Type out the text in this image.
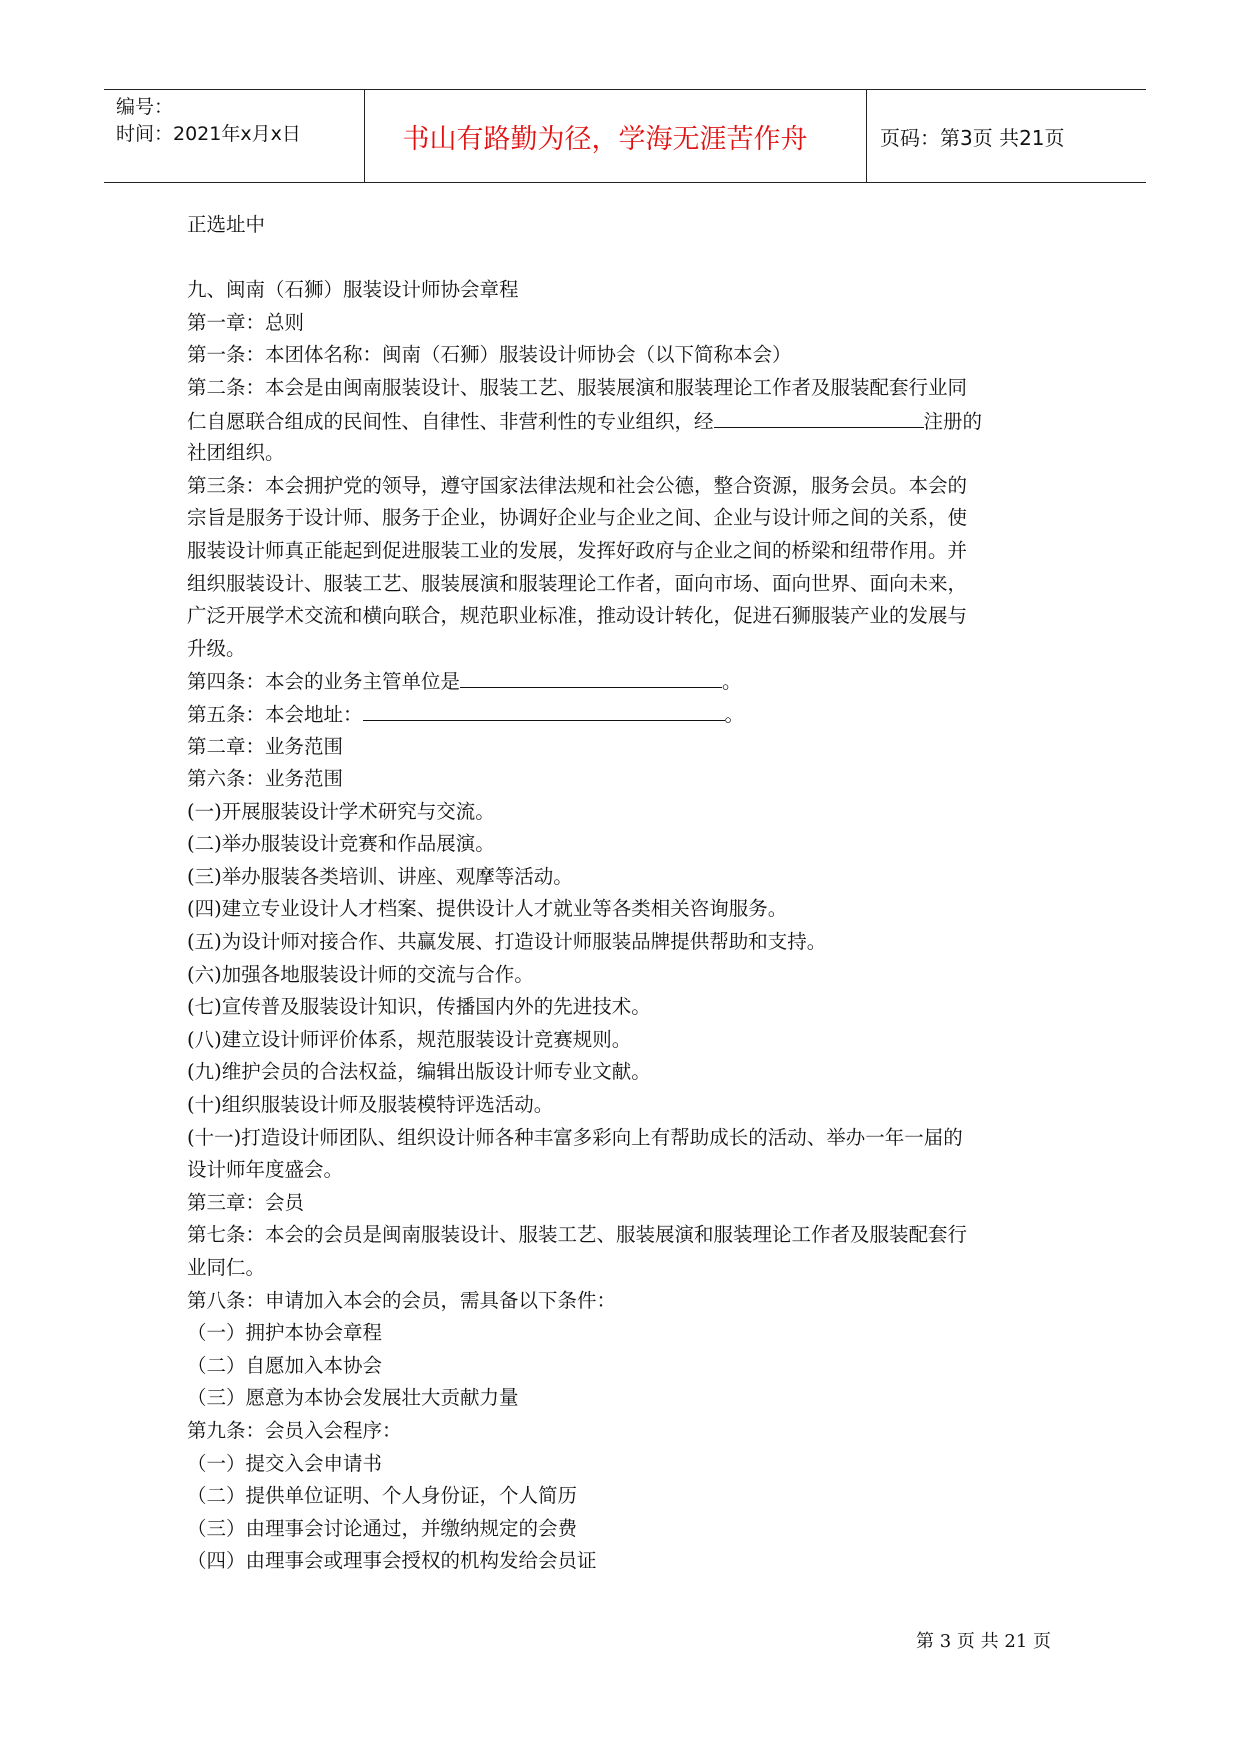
编号：
时间：2021年x月x日	书山有路勤为径，学海无涯苦作舟	页码：第3页 共21页
正选址中
九、闽南（石狮）服装设计师协会章程
第一章：总则
第一条：本团体名称：闽南（石狮）服装设计师协会（以下简称本会）
第二条：本会是由闽南服装设计、服装工艺、服装展演和服装理论工作者及服装配套行业同
仁自愿联合组成的民间性、自律性、非营利性的专业组织，经	注册的
社团组织。
第三条：本会拥护党的领导，遵守国家法律法规和社会公德，整合资源，服务会员。本会的
宗旨是服务于设计师、服务于企业，协调好企业与企业之间、企业与设计师之间的关系，使
服装设计师真正能起到促进服装工业的发展，发挥好政府与企业之间的桥梁和纽带作用。并
组织服装设计、服装工艺、服装展演和服装理论工作者，面向市场、面向世界、面向未来，
广泛开展学术交流和横向联合，规范职业标准，推动设计转化，促进石狮服装产业的发展与
升级。
第四条：本会的业务主管单位是	。
第五条：本会地址：	。
第二章：业务范围
第六条：业务范围
(一)开展服装设计学术研究与交流。
(二)举办服装设计竞赛和作品展演。
(三)举办服装各类培训、讲座、观摩等活动。
(四)建立专业设计人才档案、提供设计人才就业等各类相关咨询服务。
(五)为设计师对接合作、共赢发展、打造设计师服装品牌提供帮助和支持。
(六)加强各地服装设计师的交流与合作。
(七)宣传普及服装设计知识，传播国内外的先进技术。
(八)建立设计师评价体系，规范服装设计竞赛规则。
(九)维护会员的合法权益，编辑出版设计师专业文献。
(十)组织服装设计师及服装模特评选活动。
(十一)打造设计师团队、组织设计师各种丰富多彩向上有帮助成长的活动、举办一年一届的
设计师年度盛会。
第三章：会员
第七条：本会的会员是闽南服装设计、服装工艺、服装展演和服装理论工作者及服装配套行
业同仁。
第八条：申请加入本会的会员，需具备以下条件：
（一）拥护本协会章程
（二）自愿加入本协会
（三）愿意为本协会发展壮大贡献力量
第九条：会员入会程序：
（一）提交入会申请书
（二）提供单位证明、个人身份证，个人简历
（三）由理事会讨论通过，并缴纳规定的会费
（四）由理事会或理事会授权的机构发给会员证
第 3 页 共 21 页
